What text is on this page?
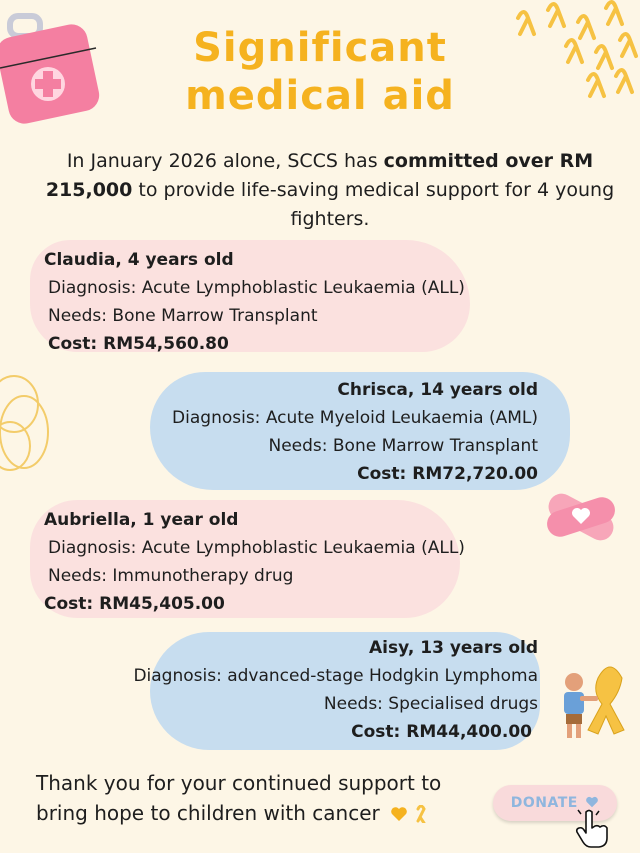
Significant
medical aid
In January 2026 alone, SCCS has committed over RM 215,000 to provide life-saving medical support for 4 young fighters.
Claudia, 4 years old
Diagnosis: Acute Lymphoblastic Leukaemia (ALL)
Needs: Bone Marrow Transplant
Cost: RM54,560.80
Chrisca, 14 years old
Diagnosis: Acute Myeloid Leukaemia (AML)
Needs: Bone Marrow Transplant
Cost: RM72,720.00
Aubriella, 1 year old
Diagnosis: Acute Lymphoblastic Leukaemia (ALL)
Needs: Immunotherapy drug
Cost: RM45,405.00
Aisy, 13 years old
Diagnosis: advanced-stage Hodgkin Lymphoma
Needs: Specialised drugs
Cost: RM44,400.00
Thank you for your continued support to bring hope to children with cancer	DONATE
